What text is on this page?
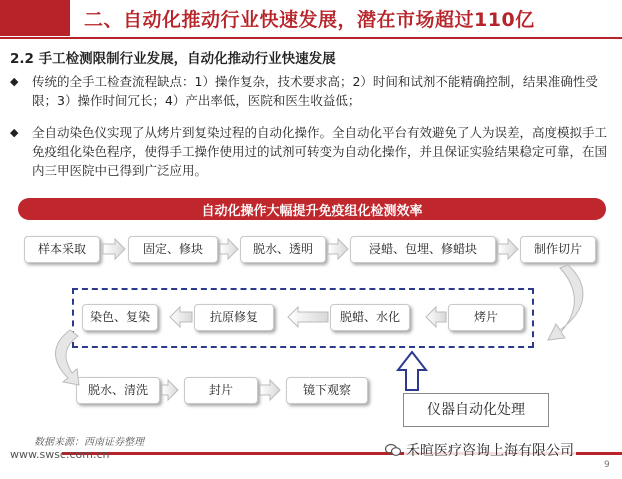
二、自动化推动行业快速发展，潜在市场超过110亿
2.2 手工检测限制行业发展，自动化推动行业快速发展
◆ 传统的全手工检查流程缺点：1）操作复杂，技术要求高；2）时间和试剂不能精确控制，结果准确性受限；3）操作时间冗长；4）产出率低，医院和医生收益低；
◆ 全自动染色仪实现了从烤片到复染过程的自动化操作。全自动化平台有效避免了人为误差，高度模拟手工免疫组化染色程序，使得手工操作使用过的试剂可转变为自动化操作，并且保证实验结果稳定可靠，在国内三甲医院中已得到广泛应用。
自动化操作大幅提升免疫组化检测效率
样本采取	固定、修块	脱水、透明	浸蜡、包埋、修蜡块	制作切片
染色、复染	抗原修复	脱蜡、水化	烤片
脱水、清洗	封片	镜下观察
仪器自动化处理
数据来源：西南证券整理
www.swsc.com.cn	禾暄医疗咨询上海有限公司
9
